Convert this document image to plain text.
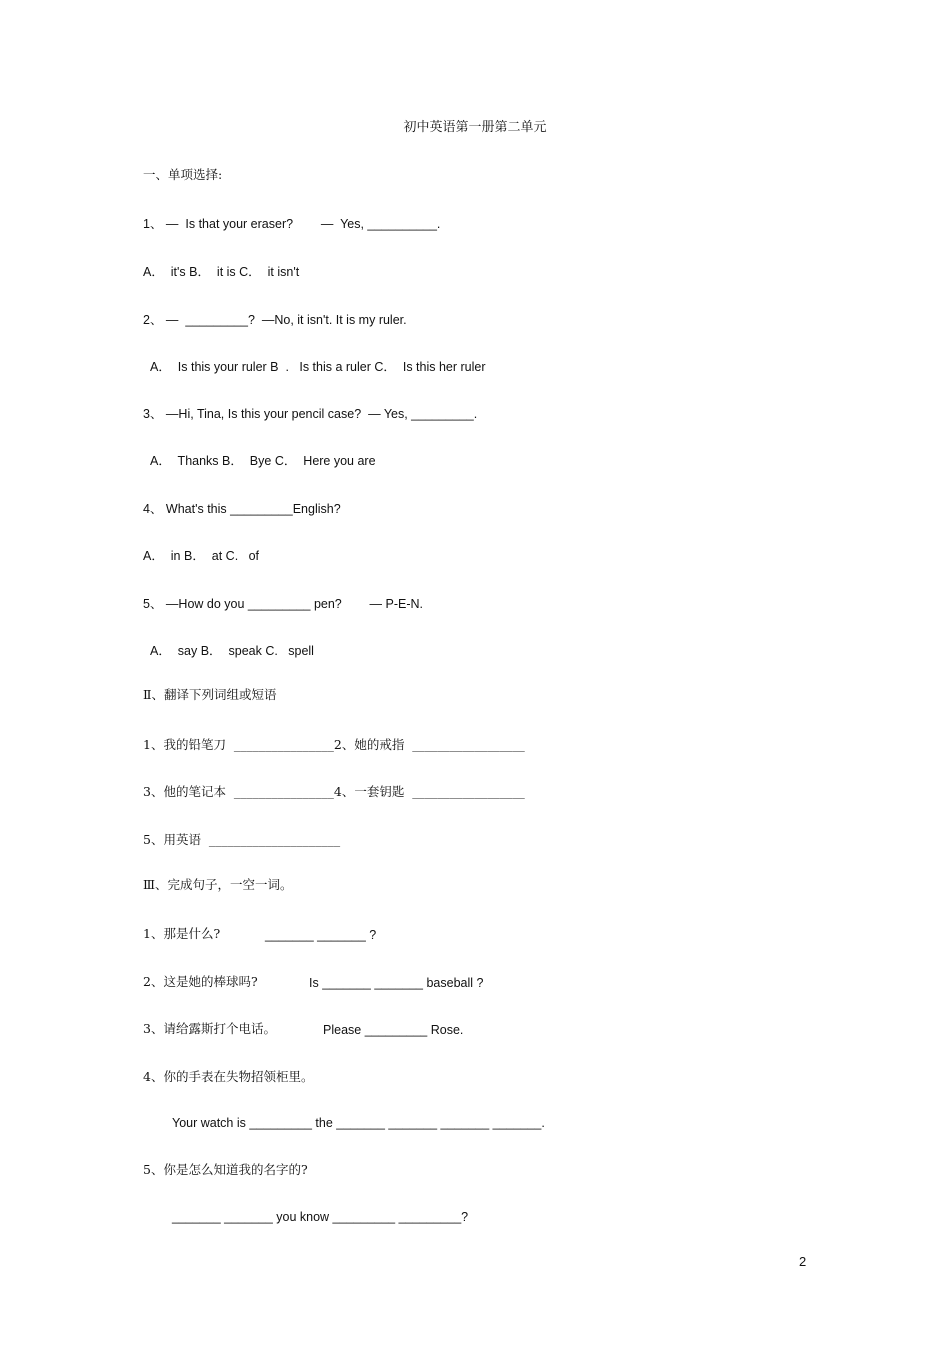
初中英语第一册第二单元
一、单项选择:
1、 —  Is that your eraser?        —  Yes, __________.
A．  it's B．  it is C．  it isn't
2、 —  _________?  —No, it isn't. It is my ruler.
A．  Is this your ruler B  .   Is this a ruler C．  Is this her ruler
3、 —Hi, Tina, Is this your pencil case?  — Yes, _________.
A．  Thanks B．  Bye C．  Here you are
4、 What's this _________English?
A．  in B．  at C.   of
5、 —How do you _________ pen?        — P-E-N.
A．  say B．  speak C.   spell
Ⅱ、翻译下列词组或短语
1、我的铅笔刀  ________________2、她的戒指  __________________
3、他的笔记本  ________________4、一套钥匙  __________________
5、用英语  _____________________
Ⅲ、完成句子，一空一词。
1、那是什么?	_______ _______ ?
2、这是她的棒球吗?	Is _______ _______ baseball ?
3、请给露斯打个电话。	Please _________ Rose.
4、你的手表在失物招领柜里。
Your watch is _________ the _______ _______ _______ _______.
5、你是怎么知道我的名字的?
_______ _______ you know _________ _________?
2
